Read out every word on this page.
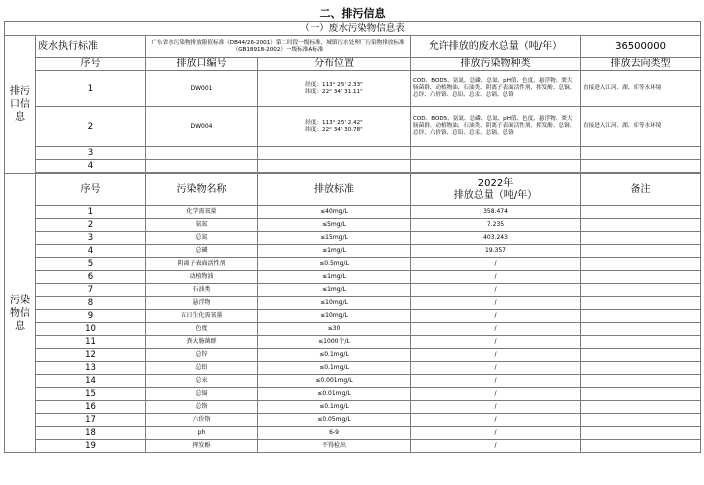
二、排污信息					
（一）废水污染物信息表					
排污口信息	废水执行标准	广东省水污染物排放限值标准（DB44/26-2001）第二时段一级标准，城镇污水处理厂污染物排放标准（GB18918-2002）一级标准A标准		允许排放的废水总量（吨/年）	36500000
	序号	排放口编号	分布位置	排放污染物种类	排放去向类型
	1	DW001	经度：113° 25' 2.33"
纬度：22° 34' 31.11"	COD、BOD5、氨氮、总磷、总氮、pH值、色度、悬浮物、粪大肠菌群、动植物油、石油类、阴离子表面活性剂、挥发酚、总铜、总锌、六价铬、总铅、总汞、总镉、总铬	直接进入江河、湖、库等水环境
	2	DW004	经度：113° 25' 2.42"
纬度：22° 34' 30.78"	COD、BOD5、氨氮、总磷、总氮、pH值、色度、悬浮物、粪大肠菌群、动植物油、石油类、阴离子表面活性剂、挥发酚、总铜、总锌、六价铬、总铅、总汞、总镉、总铬	直接进入江河、湖、库等水环境
	3				
	4				

污染物信息	序号	污染物名称	排放标准	2022年
排放总量（吨/年）	备注
	1	化学需氧量	≤40mg/L	358.474	
	2	氨氮	≤5mg/L	7.235	
	3	总氮	≤15mg/L	403.243	
	4	总磷	≤1mg/L	19.357	
	5	阴离子表面活性剂	≤0.5mg/L	/	
	6	动植物油	≤1mg/L	/	
	7	石油类	≤1mg/L	/	
	8	悬浮物	≤10mg/L	/	
	9	五日生化需氧量	≤10mg/L	/	
	10	色度	≤30	/	
	11	粪大肠菌群	≤1000个/L	/	
	12	总锌	≤0.1mg/L	/	
	13	总铅	≤0.1mg/L	/	
	14	总汞	≤0.001mg/L	/	
	15	总镉	≤0.01mg/L	/	
	16	总铬	≤0.1mg/L	/	
	17	六价铬	≤0.05mg/L	/	
	18	ph	6-9	/	
	19	挥发酚	不得检出	/	
